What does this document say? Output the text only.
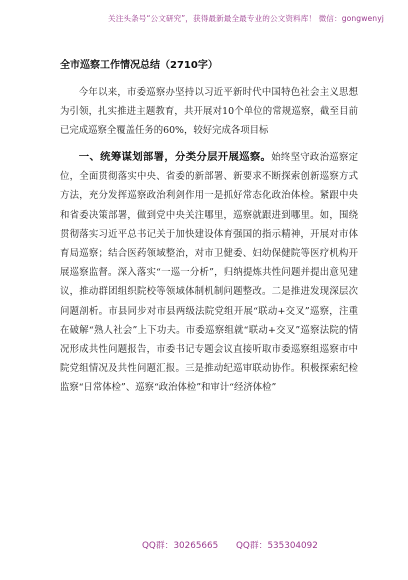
关注头条号“公文研究”，获得最新最全最专业的公文资料库！ 微信：gongwenyj
全市巡察工作情况总结（2710字）

今年以来，市委巡察办坚持以习近平新时代中国特色社会主义思想为引领，扎实推进主题教育，共开展对10个单位的常规巡察，截至目前已完成巡察全覆盖任务的60%，较好完成各项目标

一、统筹谋划部署，分类分层开展巡察。始终坚守政治巡察定位，全面贯彻落实中央、省委的新部署、新要求不断探索创新巡察方式方法，充分发挥巡察政治利剑作用一是抓好常态化政治体检。紧跟中央和省委决策部署，做到党中央关注哪里，巡察就跟进到哪里。如，围绕贯彻落实习近平总书记关于加快建设体育强国的指示精神，开展对市体育局巡察；结合医药领域整治，对市卫健委、妇幼保健院等医疗机构开展巡察监督。深入落实“一巡一分析”，归纳提炼共性问题并提出意见建议，推动群团组织院校等领域体制机制问题整改。二是推进发现深层次问题剖析。市县同步对市县两级法院党组开展“联动+交叉”巡察，注重在破解“熟人社会”上下功夫。市委巡察组就“联动+交叉”巡察法院的情况形成共性问题报告，市委书记专题会议直接听取市委巡察组巡察市中院党组情况及共性问题汇报。三是推动纪巡审联动协作。积极探索纪检监察“日常体检”、巡察“政治体检”和审计“经济体检”

QQ群：30265665 QQ群：535304092
